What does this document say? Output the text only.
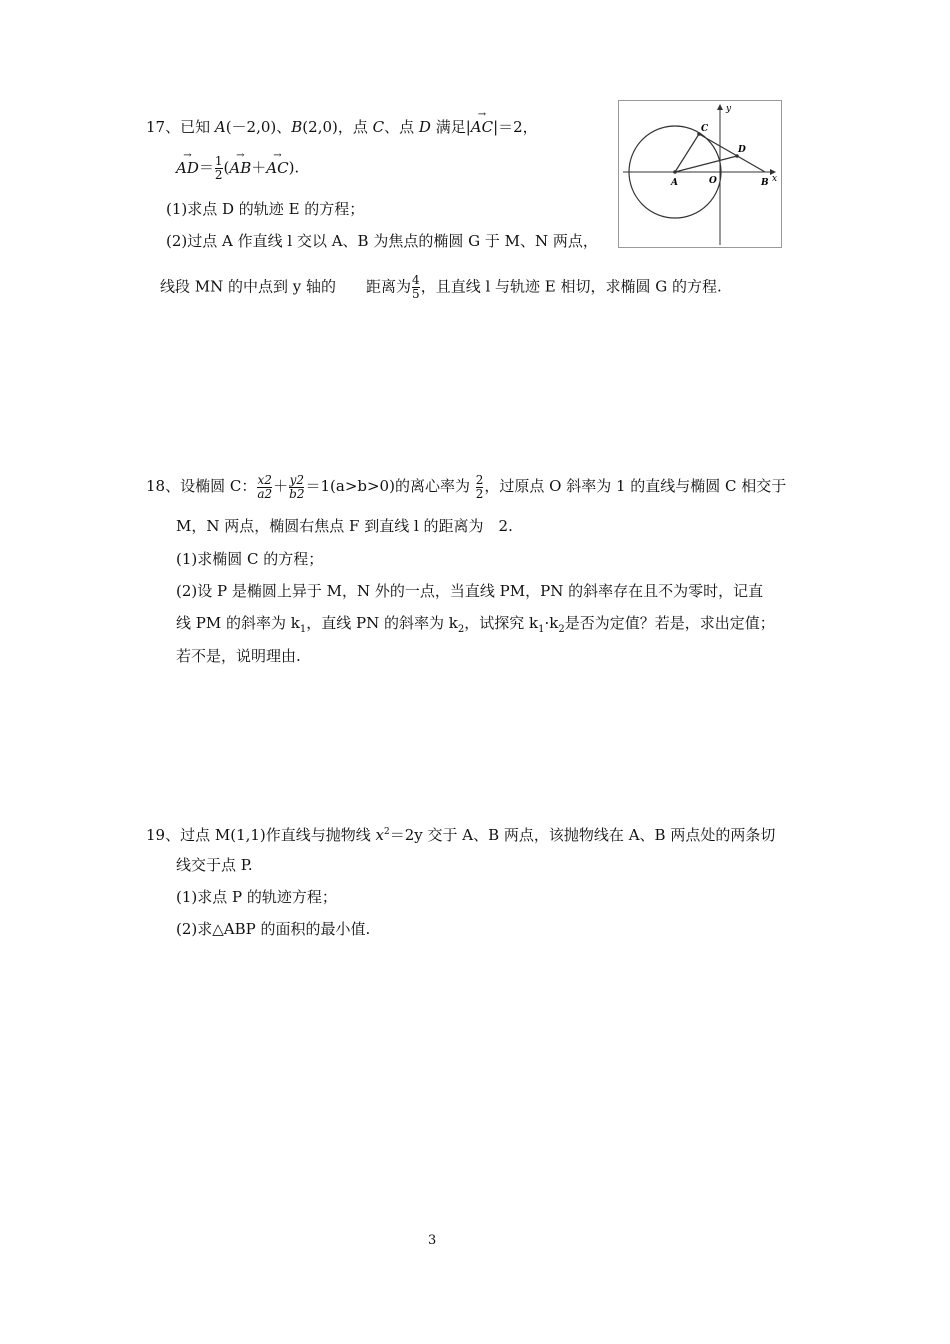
17、已知 A(－2,0)、B(2,0)，点 C、点 D 满足|→ AC|＝2，
→ $AD= \frac{1}{2}$ (→ AB＋→ AC).
(1)求点 D 的轨迹 E 的方程；
(2)过点 A 作直线 l 交以 A、B 为焦点的椭圆 G 于 M、N 两点，
线段 MN 的中点到 y 轴的　　距离为 $\frac{4}{5}$ ，且直线 l 与轨迹 E 相切，求椭圆 G 的方程.
y
x
A	O	B
C
D
18、设椭圆 C： $\frac{x2}{a2} + \frac{y2}{b2} =1(a>b>0)$的离心率为 $\frac{2}{2}$ ，过原点 O 斜率为 1 的直线与椭圆 C 相交于
M，N 两点，椭圆右焦点 F 到直线 l 的距离为　2.
(1)求椭圆 C 的方程；
(2)设 P 是椭圆上异于 M，N 外的一点，当直线 PM，PN 的斜率存在且不为零时，记直
线 PM 的斜率为 $k_1$，直线 PN 的斜率为 $k_2$，试探究 $k_1\cdot k_2$是否为定值？若是，求出定值；
若不是，说明理由.
19、过点 M(1,1)作直线与抛物线 $x^2=2y$ 交于 A、B 两点，该抛物线在 A、B 两点处的两条切
线交于点 P.
(1)求点 P 的轨迹方程；
(2)求△ABP 的面积的最小值.
3
